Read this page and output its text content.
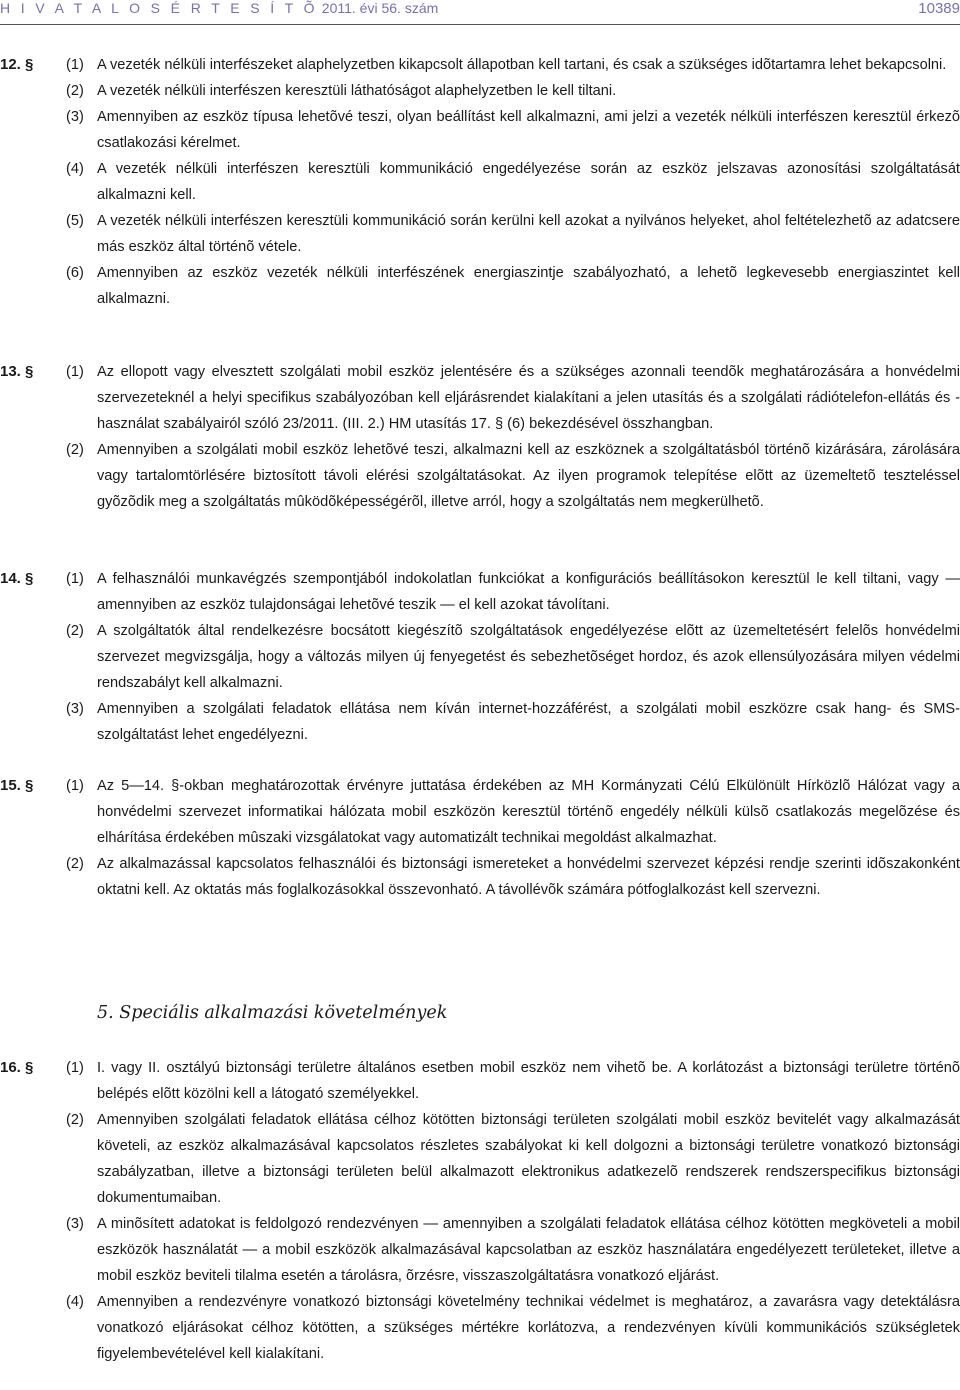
H I V A T A L O S É R T E S Í T Õ 2011. évi 56. szám	10389
12. §	(1) A vezeték nélküli interfészeket alaphelyzetben kikapcsolt állapotban kell tartani, és csak a szükséges idõtartamra lehet bekapcsolni.
(2) A vezeték nélküli interfészen keresztüli láthatóságot alaphelyzetben le kell tiltani.
(3) Amennyiben az eszköz típusa lehetõvé teszi, olyan beállítást kell alkalmazni, ami jelzi a vezeték nélküli interfészen keresztül érkezõ csatlakozási kérelmet.
(4) A vezeték nélküli interfészen keresztüli kommunikáció engedélyezése során az eszköz jelszavas azonosítási szolgáltatását alkalmazni kell.
(5) A vezeték nélküli interfészen keresztüli kommunikáció során kerülni kell azokat a nyilvános helyeket, ahol feltételezhetõ az adatcsere más eszköz által történõ vétele.
(6) Amennyiben az eszköz vezeték nélküli interfészének energiaszintje szabályozható, a lehetõ legkevesebb energiaszintet kell alkalmazni.
13. §	(1) Az ellopott vagy elvesztett szolgálati mobil eszköz jelentésére és a szükséges azonnali teendõk meghatározására a honvédelmi szervezeteknél a helyi specifikus szabályozóban kell eljárásrendet kialakítani a jelen utasítás és a szolgálati rádiótelefon-ellátás és -használat szabályairól szóló 23/2011. (III. 2.) HM utasítás 17. § (6) bekezdésével összhangban.
(2) Amennyiben a szolgálati mobil eszköz lehetõvé teszi, alkalmazni kell az eszköznek a szolgáltatásból történõ kizárására, zárolására vagy tartalomtörlésére biztosított távoli elérési szolgáltatásokat. Az ilyen programok telepítése elõtt az üzemeltetõ teszteléssel gyõzõdik meg a szolgáltatás mûködõképességérõl, illetve arról, hogy a szolgáltatás nem megkerülhetõ.
14. §	(1) A felhasználói munkavégzés szempontjából indokolatlan funkciókat a konfigurációs beállításokon keresztül le kell tiltani, vagy — amennyiben az eszköz tulajdonságai lehetõvé teszik — el kell azokat távolítani.
(2) A szolgáltatók által rendelkezésre bocsátott kiegészítõ szolgáltatások engedélyezése elõtt az üzemeltetésért felelõs honvédelmi szervezet megvizsgálja, hogy a változás milyen új fenyegetést és sebezhetõséget hordoz, és azok ellensúlyozására milyen védelmi rendszabályt kell alkalmazni.
(3) Amennyiben a szolgálati feladatok ellátása nem kíván internet-hozzáférést, a szolgálati mobil eszközre csak hang- és SMS-szolgáltatást lehet engedélyezni.
15. §	(1) Az 5—14. §-okban meghatározottak érvényre juttatása érdekében az MH Kormányzati Célú Elkülönült Hírközlõ Hálózat vagy a honvédelmi szervezet informatikai hálózata mobil eszközön keresztül történõ engedély nélküli külsõ csatlakozás megelõzése és elhárítása érdekében mûszaki vizsgálatokat vagy automatizált technikai megoldást alkalmazhat.
(2) Az alkalmazással kapcsolatos felhasználói és biztonsági ismereteket a honvédelmi szervezet képzési rendje szerinti idõszakonként oktatni kell. Az oktatás más foglalkozásokkal összevonható. A távollévõk számára pótfoglalkozást kell szervezni.
5. Speciális alkalmazási követelmények
16. §	(1) I. vagy II. osztályú biztonsági területre általános esetben mobil eszköz nem vihetõ be. A korlátozást a biztonsági területre történõ belépés elõtt közölni kell a látogató személyekkel.
(2) Amennyiben szolgálati feladatok ellátása célhoz kötötten biztonsági területen szolgálati mobil eszköz bevitelét vagy alkalmazását követeli, az eszköz alkalmazásával kapcsolatos részletes szabályokat ki kell dolgozni a biztonsági területre vonatkozó biztonsági szabályzatban, illetve a biztonsági területen belül alkalmazott elektronikus adatkezelõ rendszerek rendszerspecifikus biztonsági dokumentumaiban.
(3) A minõsített adatokat is feldolgozó rendezvényen — amennyiben a szolgálati feladatok ellátása célhoz kötötten megköveteli a mobil eszközök használatát — a mobil eszközök alkalmazásával kapcsolatban az eszköz használatára engedélyezett területeket, illetve a mobil eszköz beviteli tilalma esetén a tárolásra, õrzésre, visszaszolgáltatásra vonatkozó eljárást.
(4) Amennyiben a rendezvényre vonatkozó biztonsági követelmény technikai védelmet is meghatároz, a zavarásra vagy detektálásra vonatkozó eljárásokat célhoz kötötten, a szükséges mértékre korlátozva, a rendezvényen kívüli kommunikációs szükségletek figyelembevételével kell kialakítani.
